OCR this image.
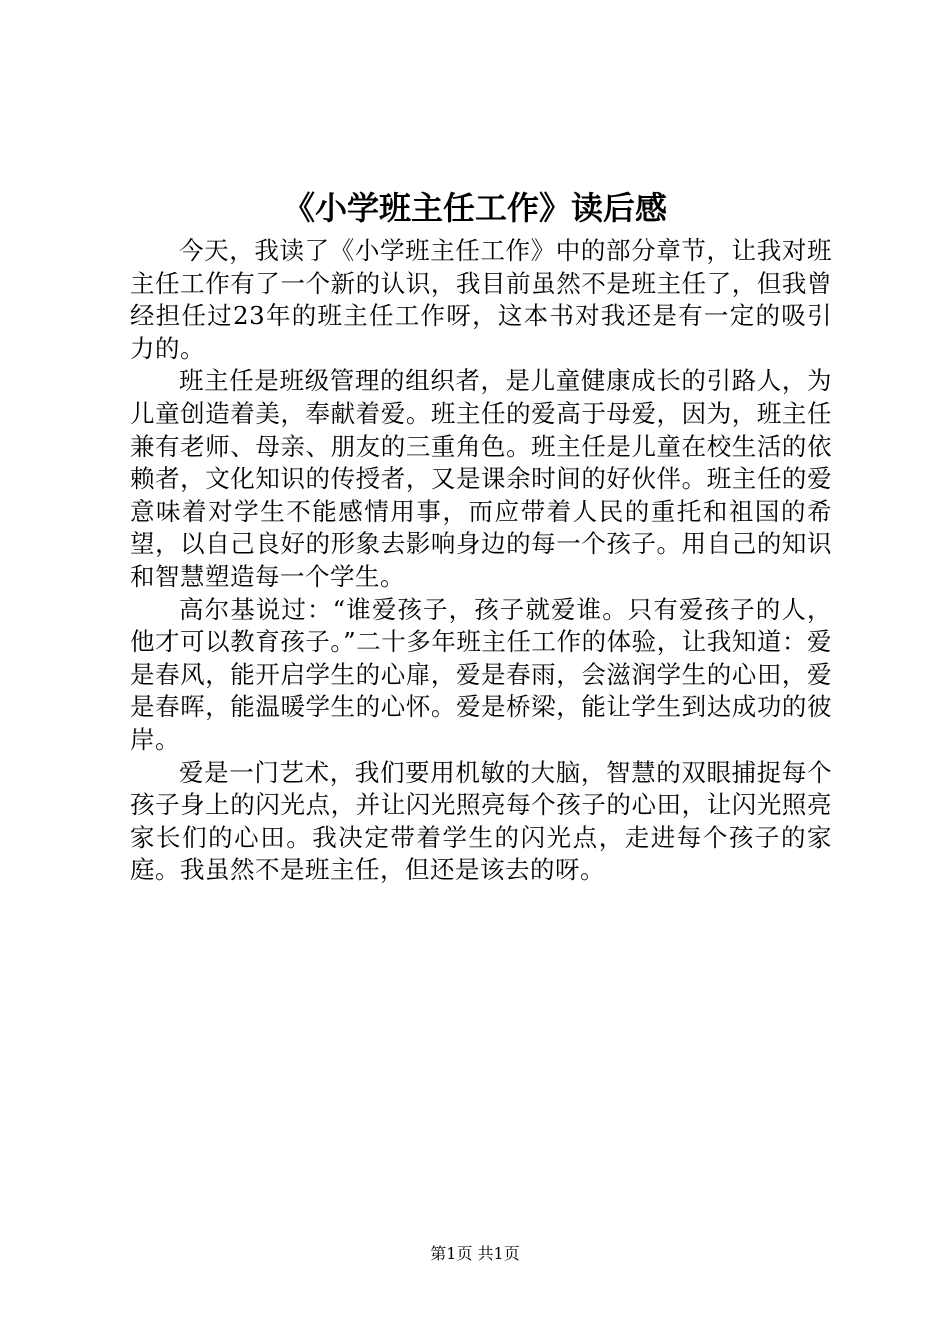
《小学班主任工作》读后感

今天，我读了《小学班主任工作》中的部分章节，让我对班主任工作有了一个新的认识，我目前虽然不是班主任了，但我曾经担任过23年的班主任工作呀，这本书对我还是有一定的吸引力的。

班主任是班级管理的组织者，是儿童健康成长的引路人，为儿童创造着美，奉献着爱。班主任的爱高于母爱，因为，班主任兼有老师、母亲、朋友的三重角色。班主任是儿童在校生活的依赖者，文化知识的传授者，又是课余时间的好伙伴。班主任的爱意味着对学生不能感情用事，而应带着人民的重托和祖国的希望，以自己良好的形象去影响身边的每一个孩子。用自己的知识和智慧塑造每一个学生。

高尔基说过：“谁爱孩子，孩子就爱谁。只有爱孩子的人，他才可以教育孩子。”二十多年班主任工作的体验，让我知道：爱是春风，能开启学生的心扉，爱是春雨，会滋润学生的心田，爱是春晖，能温暖学生的心怀。爱是桥梁，能让学生到达成功的彼岸。

爱是一门艺术，我们要用机敏的大脑，智慧的双眼捕捉每个孩子身上的闪光点，并让闪光照亮每个孩子的心田，让闪光照亮家长们的心田。我决定带着学生的闪光点，走进每个孩子的家庭。我虽然不是班主任，但还是该去的呀。

第1页 共1页
